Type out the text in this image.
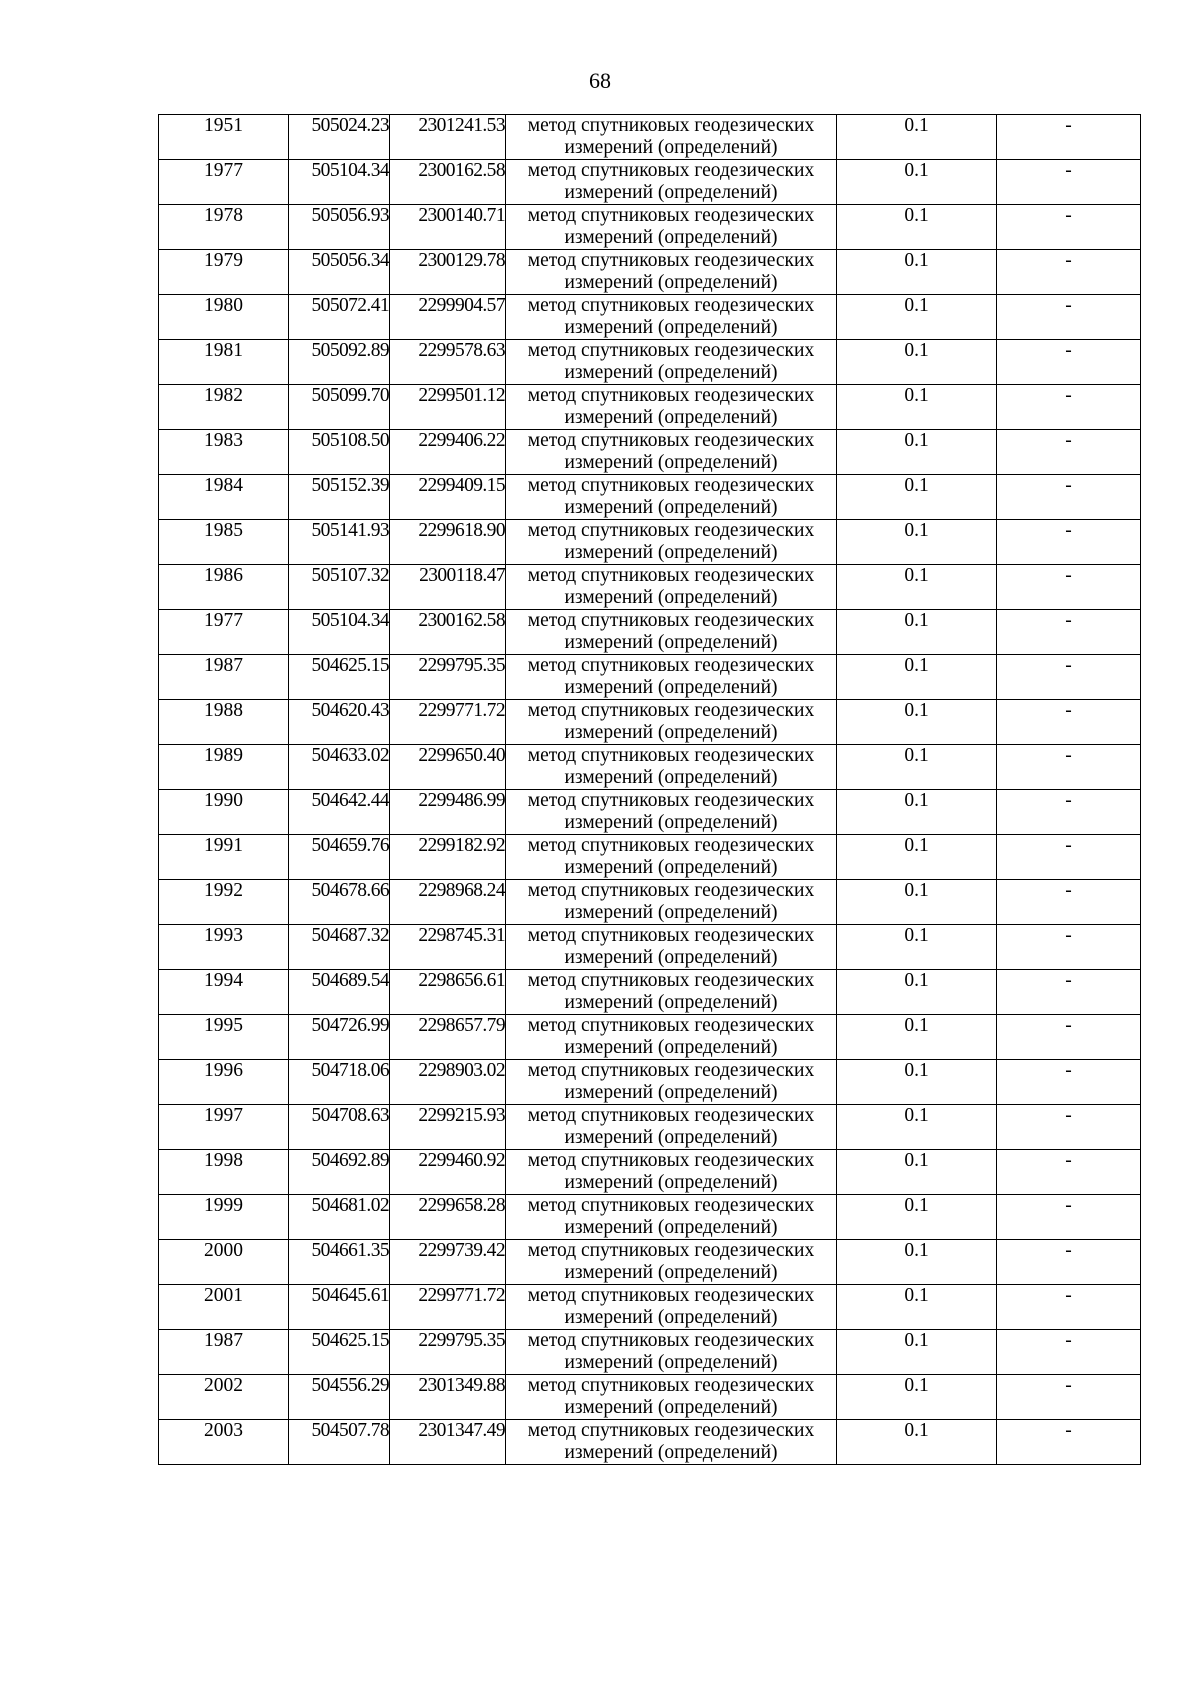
68
1951	505024.23	2301241.53	метод спутниковых геодезических
измерений (определений)	0.1	-
1977	505104.34	2300162.58	метод спутниковых геодезических
измерений (определений)	0.1	-
1978	505056.93	2300140.71	метод спутниковых геодезических
измерений (определений)	0.1	-
1979	505056.34	2300129.78	метод спутниковых геодезических
измерений (определений)	0.1	-
1980	505072.41	2299904.57	метод спутниковых геодезических
измерений (определений)	0.1	-
1981	505092.89	2299578.63	метод спутниковых геодезических
измерений (определений)	0.1	-
1982	505099.70	2299501.12	метод спутниковых геодезических
измерений (определений)	0.1	-
1983	505108.50	2299406.22	метод спутниковых геодезических
измерений (определений)	0.1	-
1984	505152.39	2299409.15	метод спутниковых геодезических
измерений (определений)	0.1	-
1985	505141.93	2299618.90	метод спутниковых геодезических
измерений (определений)	0.1	-
1986	505107.32	2300118.47	метод спутниковых геодезических
измерений (определений)	0.1	-
1977	505104.34	2300162.58	метод спутниковых геодезических
измерений (определений)	0.1	-
1987	504625.15	2299795.35	метод спутниковых геодезических
измерений (определений)	0.1	-
1988	504620.43	2299771.72	метод спутниковых геодезических
измерений (определений)	0.1	-
1989	504633.02	2299650.40	метод спутниковых геодезических
измерений (определений)	0.1	-
1990	504642.44	2299486.99	метод спутниковых геодезических
измерений (определений)	0.1	-
1991	504659.76	2299182.92	метод спутниковых геодезических
измерений (определений)	0.1	-
1992	504678.66	2298968.24	метод спутниковых геодезических
измерений (определений)	0.1	-
1993	504687.32	2298745.31	метод спутниковых геодезических
измерений (определений)	0.1	-
1994	504689.54	2298656.61	метод спутниковых геодезических
измерений (определений)	0.1	-
1995	504726.99	2298657.79	метод спутниковых геодезических
измерений (определений)	0.1	-
1996	504718.06	2298903.02	метод спутниковых геодезических
измерений (определений)	0.1	-
1997	504708.63	2299215.93	метод спутниковых геодезических
измерений (определений)	0.1	-
1998	504692.89	2299460.92	метод спутниковых геодезических
измерений (определений)	0.1	-
1999	504681.02	2299658.28	метод спутниковых геодезических
измерений (определений)	0.1	-
2000	504661.35	2299739.42	метод спутниковых геодезических
измерений (определений)	0.1	-
2001	504645.61	2299771.72	метод спутниковых геодезических
измерений (определений)	0.1	-
1987	504625.15	2299795.35	метод спутниковых геодезических
измерений (определений)	0.1	-
2002	504556.29	2301349.88	метод спутниковых геодезических
измерений (определений)	0.1	-
2003	504507.78	2301347.49	метод спутниковых геодезических
измерений (определений)	0.1	-
